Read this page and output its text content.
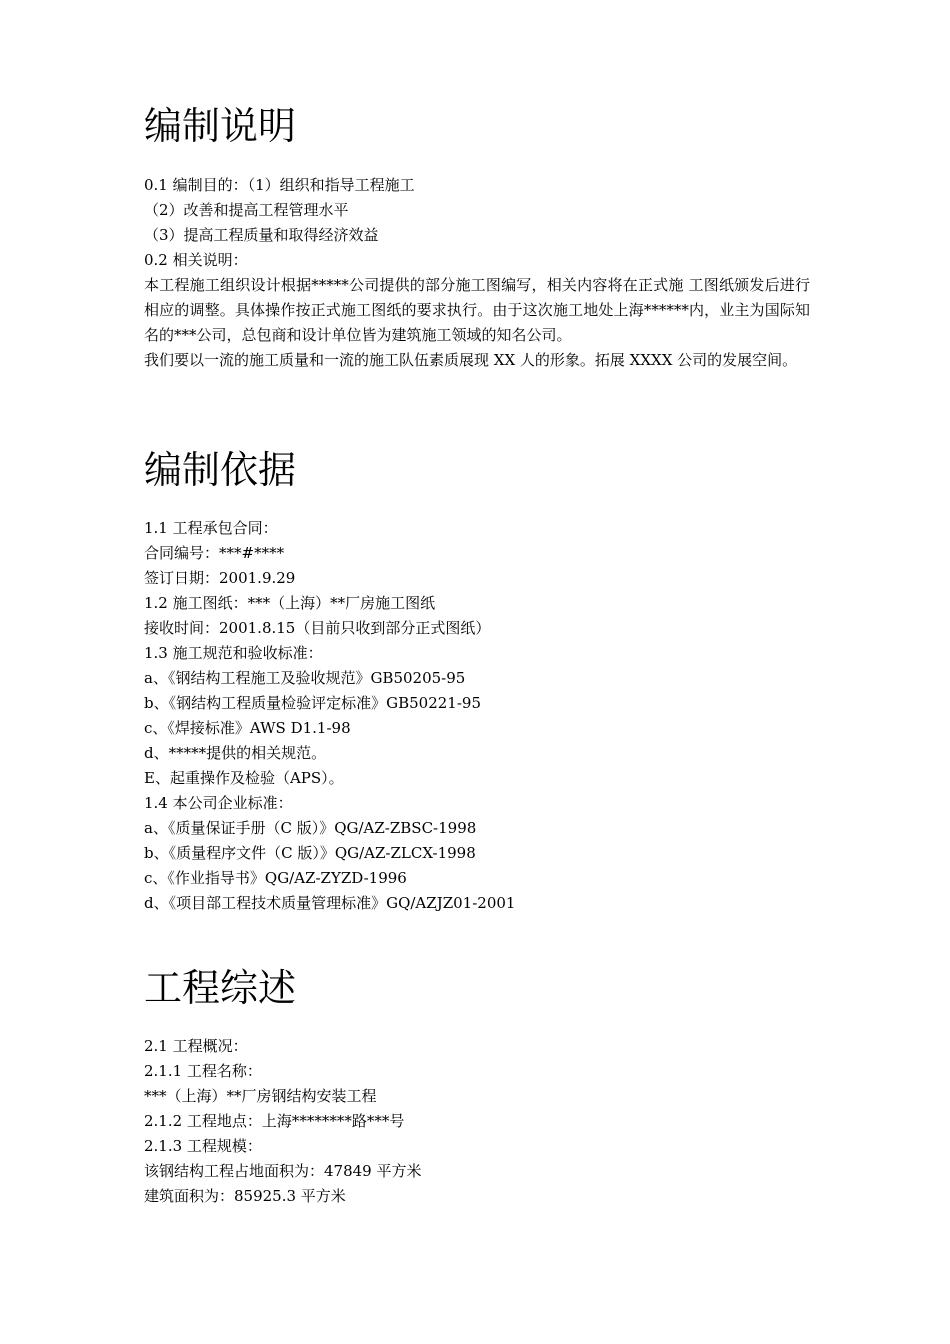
编制说明
0.1 编制目的：（1）组织和指导工程施工
（2）改善和提高工程管理水平
（3）提高工程质量和取得经济效益
0.2 相关说明：
本工程施工组织设计根据*****公司提供的部分施工图编写，相关内容将在正式施 工图纸颁发后进行相应的调整。具体操作按正式施工图纸的要求执行。由于这次施工地处上海******内，业主为国际知名的***公司，总包商和设计单位皆为建筑施工领域的知名公司。
我们要以一流的施工质量和一流的施工队伍素质展现 XX 人的形象。拓展 XXXX 公司的发展空间。
编制依据
1.1 工程承包合同：
合同编号：***#****
签订日期：2001.9.29
1.2 施工图纸：***（上海）**厂房施工图纸
接收时间：2001.8.15（目前只收到部分正式图纸）
1.3 施工规范和验收标准：
a、《钢结构工程施工及验收规范》GB50205-95
b、《钢结构工程质量检验评定标准》GB50221-95
c、《焊接标准》AWS D1.1-98
d、*****提供的相关规范。
E、起重操作及检验（APS）。
1.4 本公司企业标准：
a、《质量保证手册（C 版）》QG/AZ-ZBSC-1998
b、《质量程序文件（C 版）》QG/AZ-ZLCX-1998
c、《作业指导书》QG/AZ-ZYZD-1996
d、《项目部工程技术质量管理标准》GQ/AZJZ01-2001
工程综述
2.1 工程概况：
2.1.1 工程名称：
***（上海）**厂房钢结构安装工程
2.1.2 工程地点：上海********路***号
2.1.3 工程规模：
该钢结构工程占地面积为：47849 平方米
建筑面积为：85925.3 平方米
